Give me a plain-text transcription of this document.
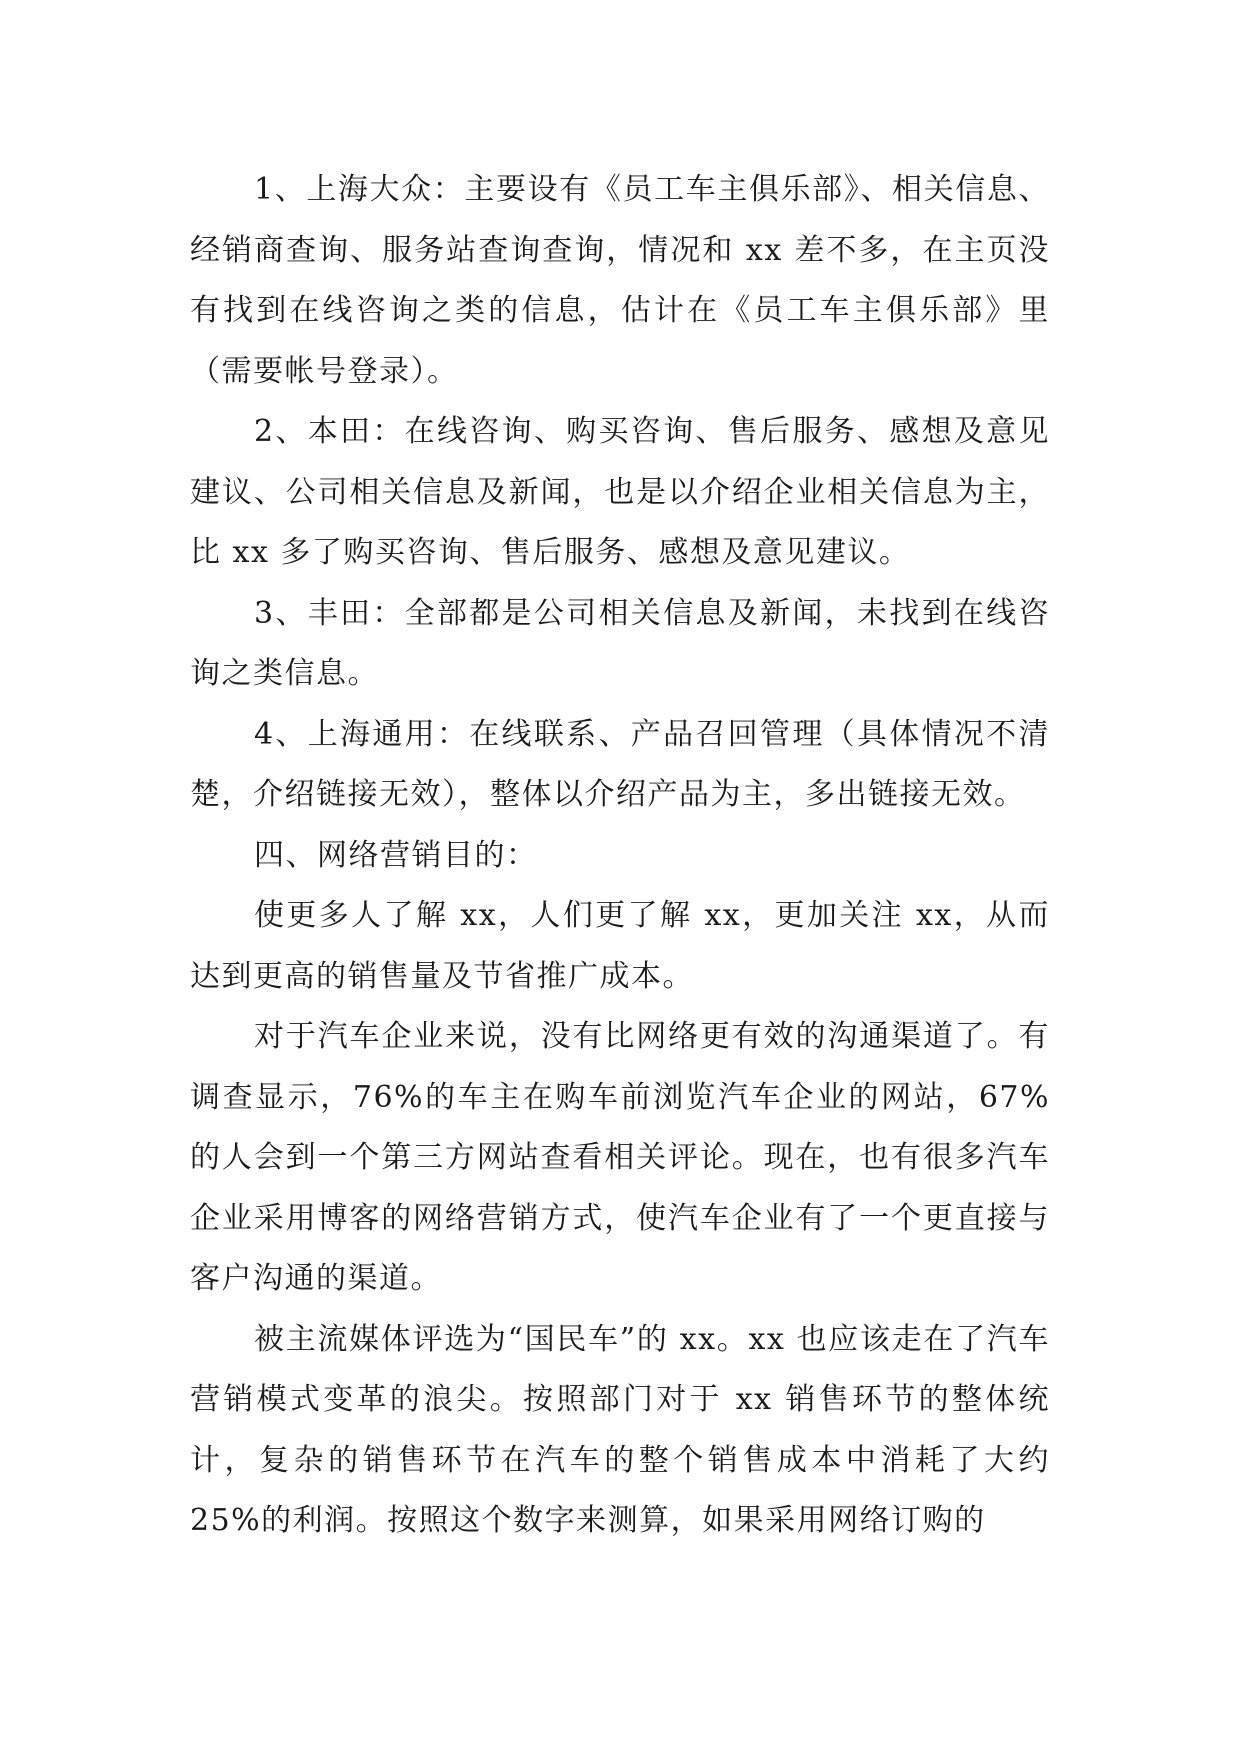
1、上海大众：主要设有《员工车主俱乐部》、相关信息、经销商查询、服务站查询查询，情况和 xx 差不多，在主页没有找到在线咨询之类的信息，估计在《员工车主俱乐部》里（需要帐号登录）。

2、本田：在线咨询、购买咨询、售后服务、感想及意见建议、公司相关信息及新闻，也是以介绍企业相关信息为主，比 xx 多了购买咨询、售后服务、感想及意见建议。

3、丰田：全部都是公司相关信息及新闻，未找到在线咨询之类信息。

4、上海通用：在线联系、产品召回管理（具体情况不清楚，介绍链接无效），整体以介绍产品为主，多出链接无效。

四、网络营销目的：

使更多人了解 xx，人们更了解 xx，更加关注 xx，从而达到更高的销售量及节省推广成本。

对于汽车企业来说，没有比网络更有效的沟通渠道了。有调查显示，76%的车主在购车前浏览汽车企业的网站，67%的人会到一个第三方网站查看相关评论。现在，也有很多汽车企业采用博客的网络营销方式，使汽车企业有了一个更直接与客户沟通的渠道。

被主流媒体评选为“国民车”的 xx。xx 也应该走在了汽车营销模式变革的浪尖。按照部门对于 xx 销售环节的整体统计，复杂的销售环节在汽车的整个销售成本中消耗了大约 25%的利润。按照这个数字来测算，如果采用网络订购的
